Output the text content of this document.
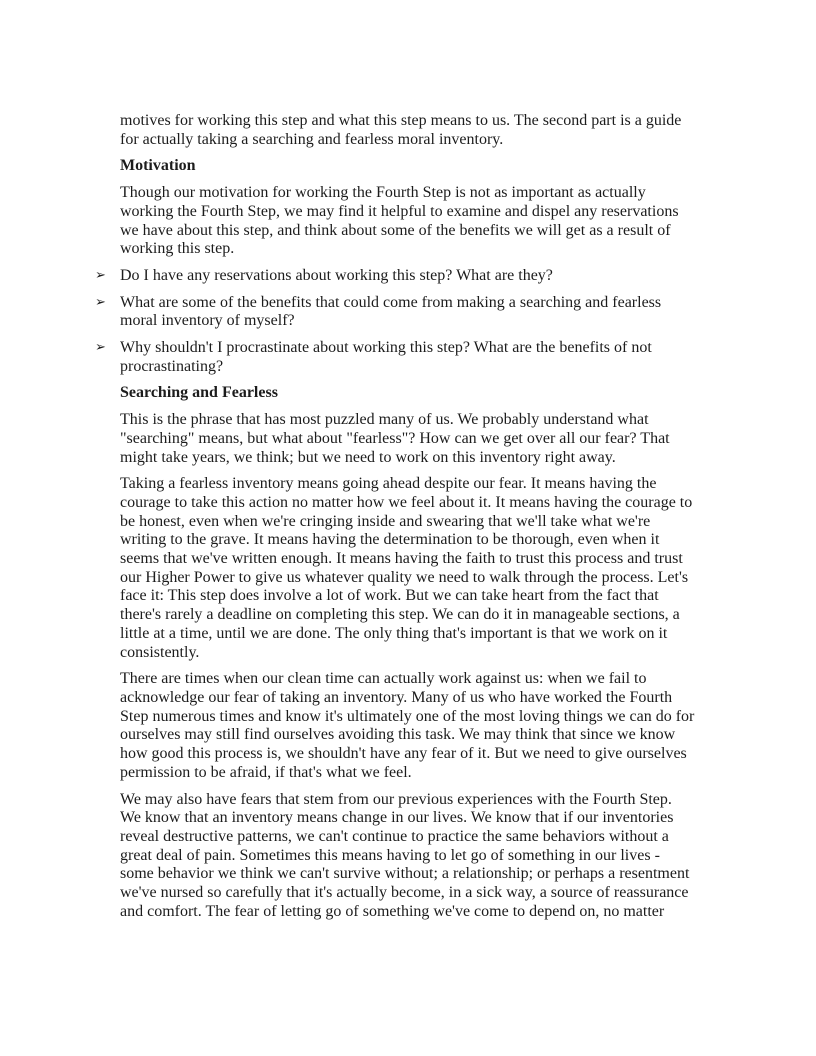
motives for working this step and what this step means to us. The second part is a guide for actually taking a searching and fearless moral inventory.

Motivation

Though our motivation for working the Fourth Step is not as important as actually working the Fourth Step, we may find it helpful to examine and dispel any reservations we have about this step, and think about some of the benefits we will get as a result of working this step.

➢ Do I have any reservations about working this step? What are they?
➢ What are some of the benefits that could come from making a searching and fearless moral inventory of myself?
➢ Why shouldn't I procrastinate about working this step? What are the benefits of not procrastinating?

Searching and Fearless

This is the phrase that has most puzzled many of us. We probably understand what "searching" means, but what about "fearless"? How can we get over all our fear? That might take years, we think; but we need to work on this inventory right away.

Taking a fearless inventory means going ahead despite our fear. It means having the courage to take this action no matter how we feel about it. It means having the courage to be honest, even when we're cringing inside and swearing that we'll take what we're writing to the grave. It means having the determination to be thorough, even when it seems that we've written enough. It means having the faith to trust this process and trust our Higher Power to give us whatever quality we need to walk through the process. Let's face it: This step does involve a lot of work. But we can take heart from the fact that there's rarely a deadline on completing this step. We can do it in manageable sections, a little at a time, until we are done. The only thing that's important is that we work on it consistently.

There are times when our clean time can actually work against us: when we fail to acknowledge our fear of taking an inventory. Many of us who have worked the Fourth Step numerous times and know it's ultimately one of the most loving things we can do for ourselves may still find ourselves avoiding this task. We may think that since we know how good this process is, we shouldn't have any fear of it. But we need to give ourselves permission to be afraid, if that's what we feel.

We may also have fears that stem from our previous experiences with the Fourth Step. We know that an inventory means change in our lives. We know that if our inventories reveal destructive patterns, we can't continue to practice the same behaviors without a great deal of pain. Sometimes this means having to let go of something in our lives - some behavior we think we can't survive without; a relationship; or perhaps a resentment we've nursed so carefully that it's actually become, in a sick way, a source of reassurance and comfort. The fear of letting go of something we've come to depend on, no matter
